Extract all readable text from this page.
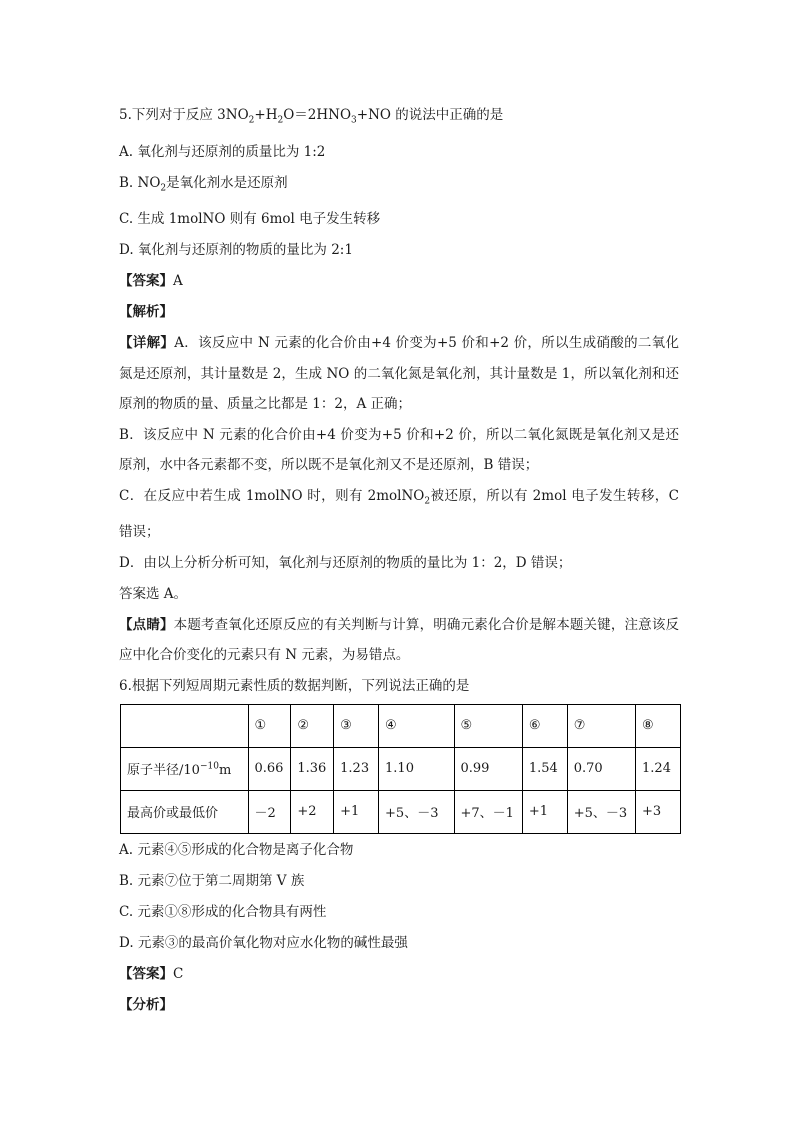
5.下列对于反应 $3NO_2+H_2O=2HNO_3+NO$ 的说法中正确的是
A. 氧化剂与还原剂的质量比为 1:2
B. $NO_2$是氧化剂水是还原剂
C. 生成 1molNO 则有 6mol 电子发生转移
D. 氧化剂与还原剂的物质的量比为 2:1
【答案】A
【解析】
【详解】A．该反应中 N 元素的化合价由+4 价变为+5 价和+2 价，所以生成硝酸的二氧化氮是还原剂，其计量数是 2，生成 NO 的二氧化氮是氧化剂，其计量数是 1，所以氧化剂和还原剂的物质的量、质量之比都是 1：2，A 正确；
B．该反应中 N 元素的化合价由+4 价变为+5 价和+2 价，所以二氧化氮既是氧化剂又是还原剂，水中各元素都不变，所以既不是氧化剂又不是还原剂，B 错误；
C．在反应中若生成 1molNO 时，则有 2molNO$_2$被还原，所以有 2mol 电子发生转移，C 错误；
D．由以上分析分析可知，氧化剂与还原剂的物质的量比为 1：2，D 错误；
答案选 A。
【点睛】本题考查氧化还原反应的有关判断与计算，明确元素化合价是解本题关键，注意该反应中化合价变化的元素只有 N 元素，为易错点。
6.根据下列短周期元素性质的数据判断，下列说法正确的是
	①	②	③	④	⑤	⑥	⑦	⑧
原子半径$/10^{-10}m$	0.66	1.36	1.23	1.10	0.99	1.54	0.70	1.24
最高价或最低价	－2	+2	+1	+5、－3	+7、－1	+1	+5、－3	+3
A. 元素④⑤形成的化合物是离子化合物
B. 元素⑦位于第二周期第 V 族
C. 元素①⑧形成的化合物具有两性
D. 元素③的最高价氧化物对应水化物的碱性最强
【答案】C
【分析】
